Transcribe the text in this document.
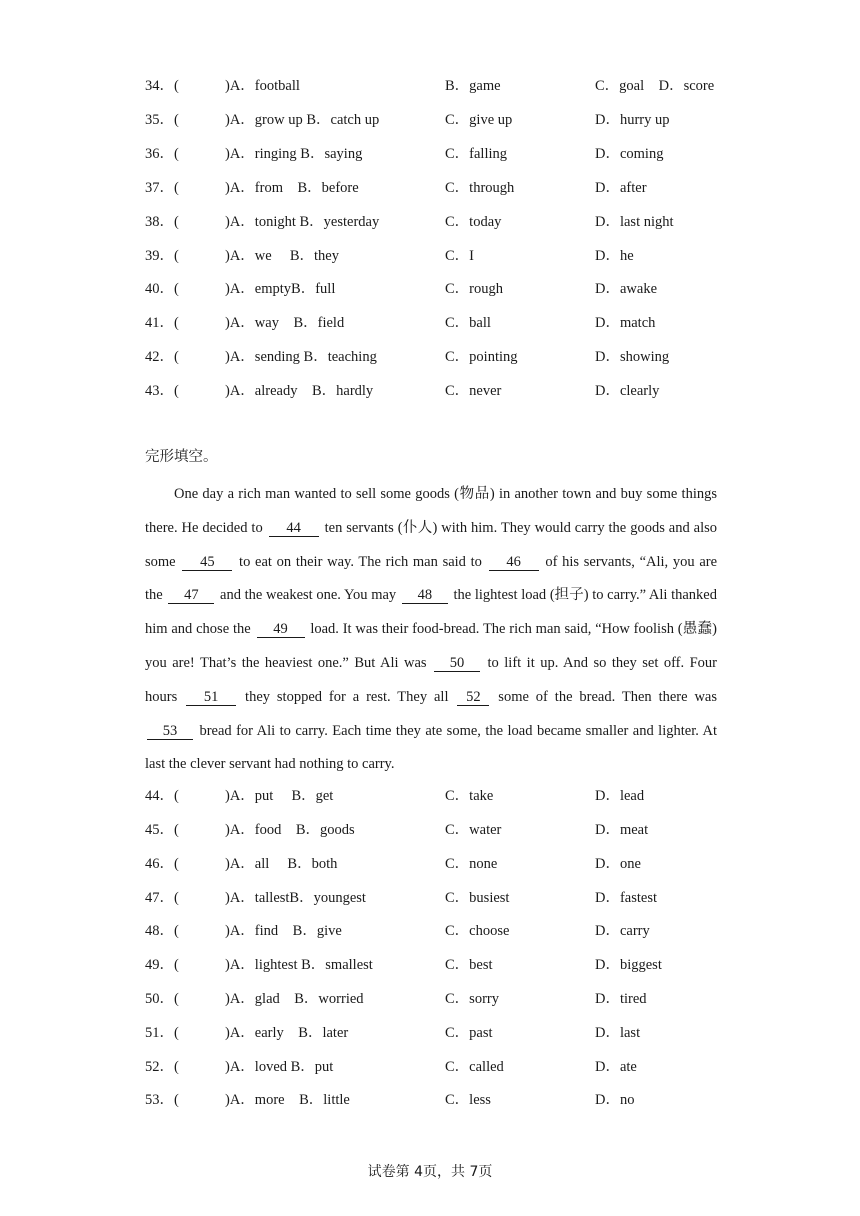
34．(	)A．football	B．game	C．goal　D．score
35．(	)A．grow up B．catch up	C．give up	D．hurry up
36．(	)A．ringing B．saying	C．falling	D．coming
37．(	)A．from　B．before	C．through	D．after
38．(	)A．tonight B．yesterday	C．today	D．last night
39．(	)A．we　 B．they	C．I	D．he
40．(	)A．emptyB．full	C．rough	D．awake
41．(	)A．way　B．field	C．ball	D．match
42．(	)A．sending B．teaching	C．pointing	D．showing
43．(	)A．already　B．hardly	C．never	D．clearly
完形填空。
One day a rich man wanted to sell some goods (物品) in another town and buy some things there. He decided to 44 ten servants (仆人) with him. They would carry the goods and also some 45 to eat on their way. The rich man said to 46 of his servants, “Ali, you are the 47 and the weakest one. You may 48 the lightest load (担子) to carry.” Ali thanked him and chose the 49 load. It was their food-bread. The rich man said, “How foolish (愚蠢) you are! That’s the heaviest one.” But Ali was 50 to lift it up. And so they set off. Four hours 51 they stopped for a rest. They all 52 some of the bread. Then there was 53 bread for Ali to carry. Each time they ate some, the load became smaller and lighter. At last the clever servant had nothing to carry.
44．(	)A．put　 B．get	C．take	D．lead
45．(	)A．food　B．goods	C．water	D．meat
46．(	)A．all　 B．both	C．none	D．one
47．(	)A．tallestB．youngest	C．busiest	D．fastest
48．(	)A．find　B．give	C．choose	D．carry
49．(	)A．lightest B．smallest	C．best	D．biggest
50．(	)A．glad　B．worried	C．sorry	D．tired
51．(	)A．early　B．later	C．past	D．last
52．(	)A．loved B．put	C．called	D．ate
53．(	)A．more　B．little	C．less	D．no
试卷第 4页，共 7页
